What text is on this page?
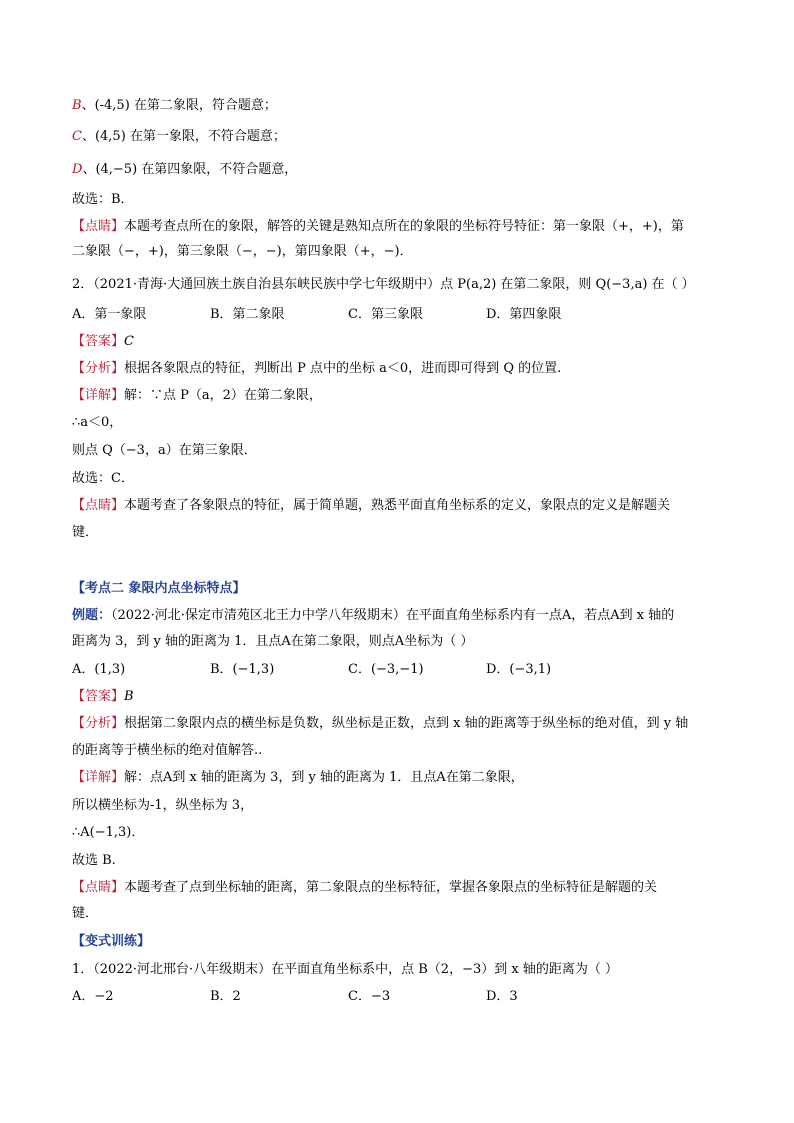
B、(-4,5) 在第二象限，符合题意；
C、(4,5) 在第一象限，不符合题意；
D、(4,−5) 在第四象限，不符合题意，
故选：B．
【点睛】本题考查点所在的象限，解答的关键是熟知点所在的象限的坐标符号特征：第一象限（+，+)，第
二象限（−，+)，第三象限（−，−)，第四象限（+，−)．
2．（2021·青海·大通回族土族自治县东峡民族中学七年级期中）点 P(a,2) 在第二象限，则 Q(−3,a) 在（ ）
A．第一象限	B．第二象限	C．第三象限	D．第四象限
【答案】C
【分析】根据各象限点的特征，判断出 P 点中的坐标 a＜0，进而即可得到 Q 的位置.
【详解】解：∵点 P（a，2）在第二象限，
∴a＜0，
则点 Q（−3，a）在第三象限．
故选：C．
【点睛】本题考查了各象限点的特征，属于简单题，熟悉平面直角坐标系的定义，象限点的定义是解题关
键．
【考点二 象限内点坐标特点】
例题：（2022·河北·保定市清苑区北王力中学八年级期末）在平面直角坐标系内有一点A，若点A到 x 轴的
距离为 3，到 y 轴的距离为 1．且点A在第二象限，则点A坐标为（ ）
A．(1,3)	B．(−1,3)	C．(−3,−1)	D．(−3,1)
【答案】B
【分析】根据第二象限内点的横坐标是负数，纵坐标是正数，点到 x 轴的距离等于纵坐标的绝对值，到 y 轴
的距离等于横坐标的绝对值解答..
【详解】解：点A到 x 轴的距离为 3，到 y 轴的距离为 1．且点A在第二象限，
所以横坐标为-1，纵坐标为 3，
∴A(−1,3)．
故选 B.
【点睛】本题考查了点到坐标轴的距离，第二象限点的坐标特征，掌握各象限点的坐标特征是解题的关
键．
【变式训练】
1．（2022·河北邢台·八年级期末）在平面直角坐标系中，点 B（2，−3）到 x 轴的距离为（ ）
A．−2	B．2	C．−3	D．3
